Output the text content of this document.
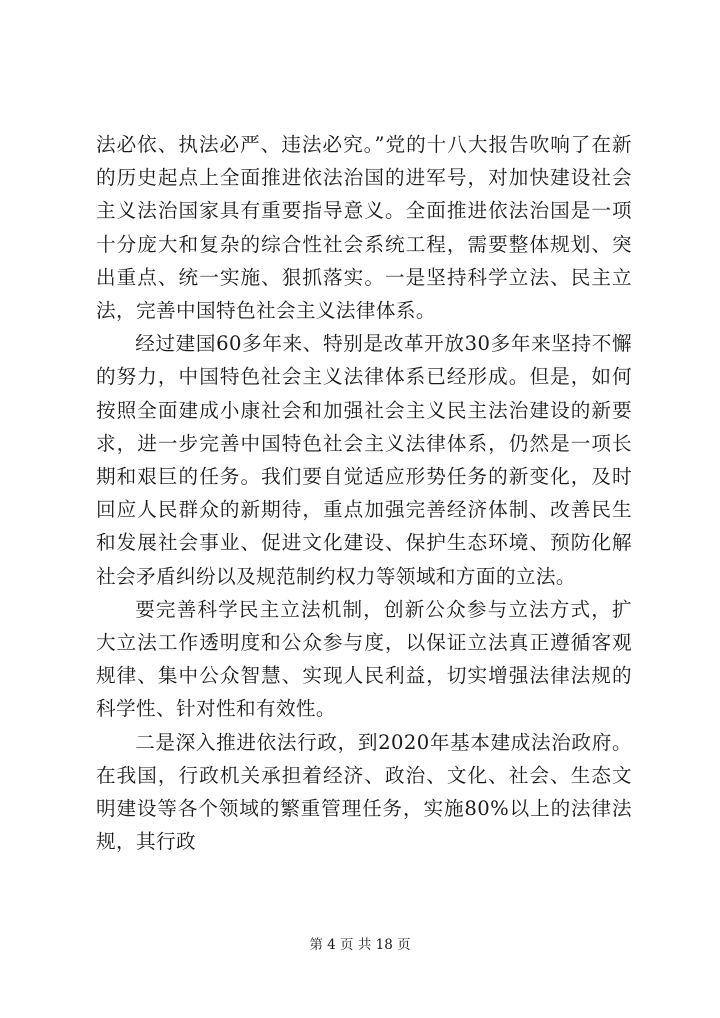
法必依、执法必严、违法必究。”党的十八大报告吹响了在新的历史起点上全面推进依法治国的进军号，对加快建设社会主义法治国家具有重要指导意义。全面推进依法治国是一项十分庞大和复杂的综合性社会系统工程，需要整体规划、突出重点、统一实施、狠抓落实。一是坚持科学立法、民主立法，完善中国特色社会主义法律体系。

经过建国60多年来、特别是改革开放30多年来坚持不懈的努力，中国特色社会主义法律体系已经形成。但是，如何按照全面建成小康社会和加强社会主义民主法治建设的新要求，进一步完善中国特色社会主义法律体系，仍然是一项长期和艰巨的任务。我们要自觉适应形势任务的新变化，及时回应人民群众的新期待，重点加强完善经济体制、改善民生和发展社会事业、促进文化建设、保护生态环境、预防化解社会矛盾纠纷以及规范制约权力等领域和方面的立法。

要完善科学民主立法机制，创新公众参与立法方式，扩大立法工作透明度和公众参与度，以保证立法真正遵循客观规律、集中公众智慧、实现人民利益，切实增强法律法规的科学性、针对性和有效性。

二是深入推进依法行政，到2020年基本建成法治政府。在我国，行政机关承担着经济、政治、文化、社会、生态文明建设等各个领域的繁重管理任务，实施80%以上的法律法规，其行政

第 4 页 共 18 页
